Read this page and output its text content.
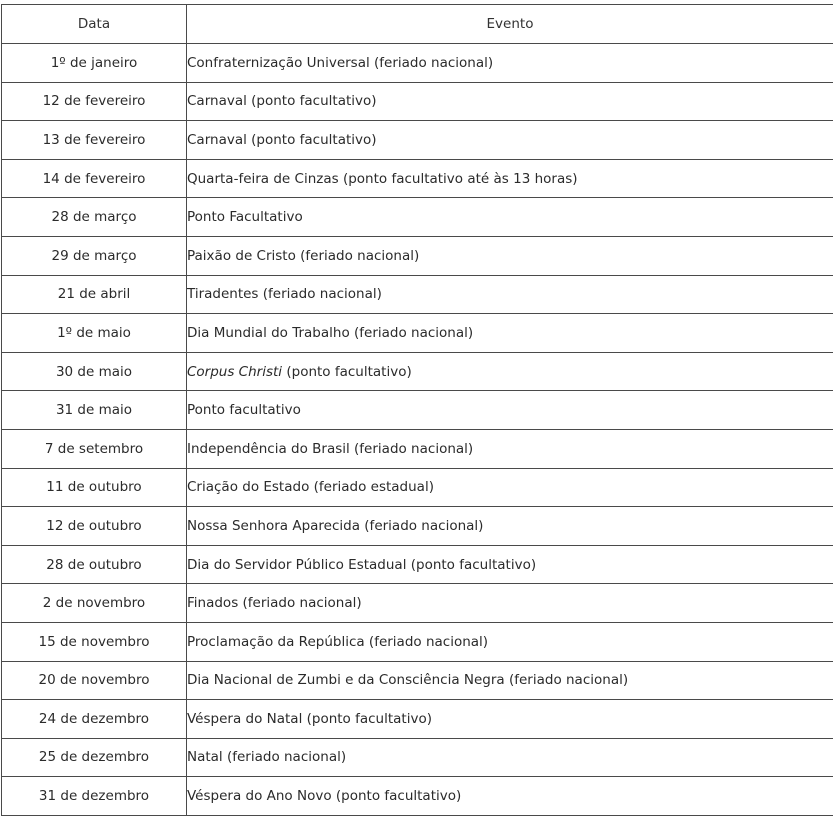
Data	Evento
1º de janeiro	Confraternização Universal (feriado nacional)
12 de fevereiro	Carnaval (ponto facultativo)
13 de fevereiro	Carnaval (ponto facultativo)
14 de fevereiro	Quarta-feira de Cinzas (ponto facultativo até às 13 horas)
28 de março	Ponto Facultativo
29 de março	Paixão de Cristo (feriado nacional)
21 de abril	Tiradentes (feriado nacional)
1º de maio	Dia Mundial do Trabalho (feriado nacional)
30 de maio	Corpus Christi (ponto facultativo)
31 de maio	Ponto facultativo
7 de setembro	Independência do Brasil (feriado nacional)
11 de outubro	Criação do Estado (feriado estadual)
12 de outubro	Nossa Senhora Aparecida (feriado nacional)
28 de outubro	Dia do Servidor Público Estadual (ponto facultativo)
2 de novembro	Finados (feriado nacional)
15 de novembro	Proclamação da República (feriado nacional)
20 de novembro	Dia Nacional de Zumbi e da Consciência Negra (feriado nacional)
24 de dezembro	Véspera do Natal (ponto facultativo)
25 de dezembro	Natal (feriado nacional)
31 de dezembro	Véspera do Ano Novo (ponto facultativo)
